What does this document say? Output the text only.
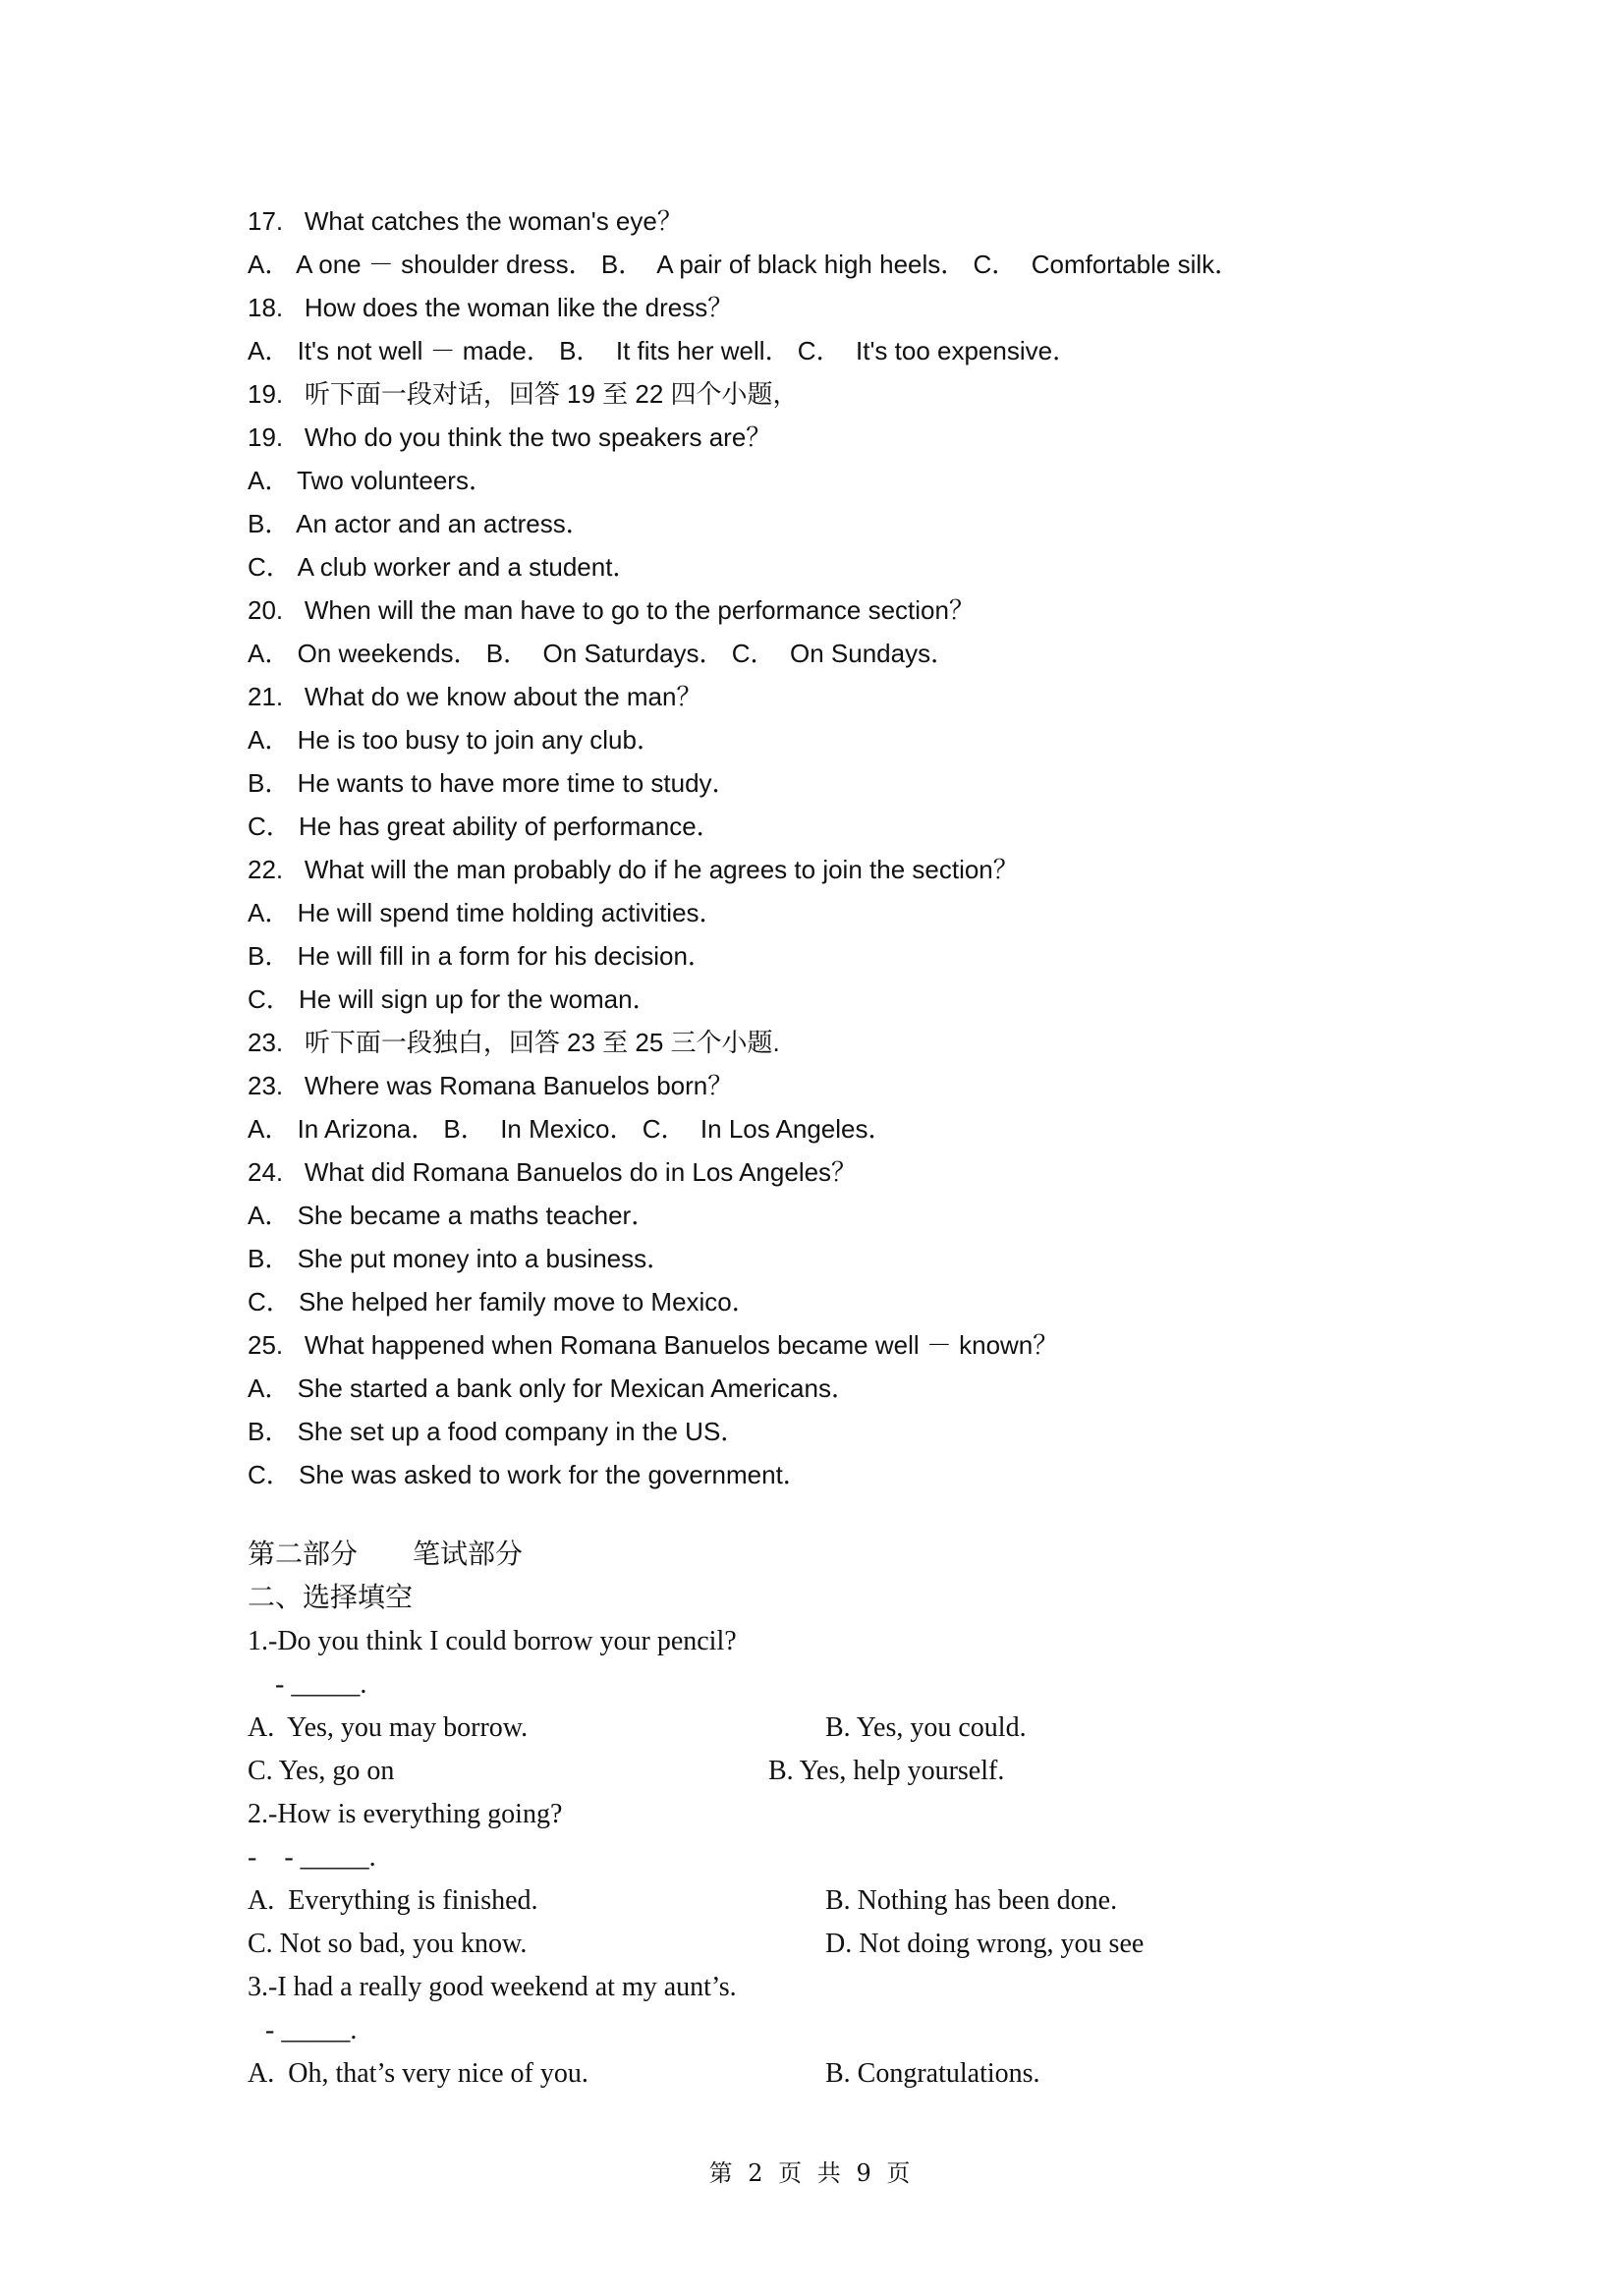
17.   What catches the woman's eye？
A． A one － shoulder dress． B．  A pair of black high heels． C．  Comfortable silk．
18.   How does the woman like the dress？
A． It's not well － made． B．  It fits her well． C．  It's too expensive．
19.   听下面一段对话，回答 19 至 22 四个小题，
19.   Who do you think the two speakers are？
A． Two volunteers．
B． An actor and an actress．
C． A club worker and a student．
20.   When will the man have to go to the performance section？
A． On weekends． B．  On Saturdays． C．  On Sundays．
21.   What do we know about the man？
A． He is too busy to join any club．
B． He wants to have more time to study．
C． He has great ability of performance．
22.   What will the man probably do if he agrees to join the section？
A． He will spend time holding activities．
B． He will fill in a form for his decision．
C． He will sign up for the woman．
23.   听下面一段独白，回答 23 至 25 三个小题.
23.   Where was Romana Banuelos born？
A． In Arizona． B．  In Mexico． C．  In Los Angeles．
24.   What did Romana Banuelos do in Los Angeles？
A． She became a maths teacher．
B． She put money into a business．
C． She helped her family move to Mexico．
25.   What happened when Romana Banuelos became well － known？
A． She started a bank only for Mexican Americans．
B． She set up a food company in the US．
C． She was asked to work for the government．
第二部分        笔试部分
二、选择填空
1.-Do you think I could borrow your pencil?
- _____.

A.  Yes, you may borrow.

	B. Yes, you could.

C. Yes, go on

	B. Yes, help yourself.

2.-How is everything going?
-    - _____.

A.  Everything is finished.

	B. Nothing has been done.

C. Not so bad, you know.

	D. Not doing wrong, you see

3.-I had a really good weekend at my aunt’s.
- _____.

A.  Oh, that’s very nice of you.

	B. Congratulations.

第 2 页 共 9 页
